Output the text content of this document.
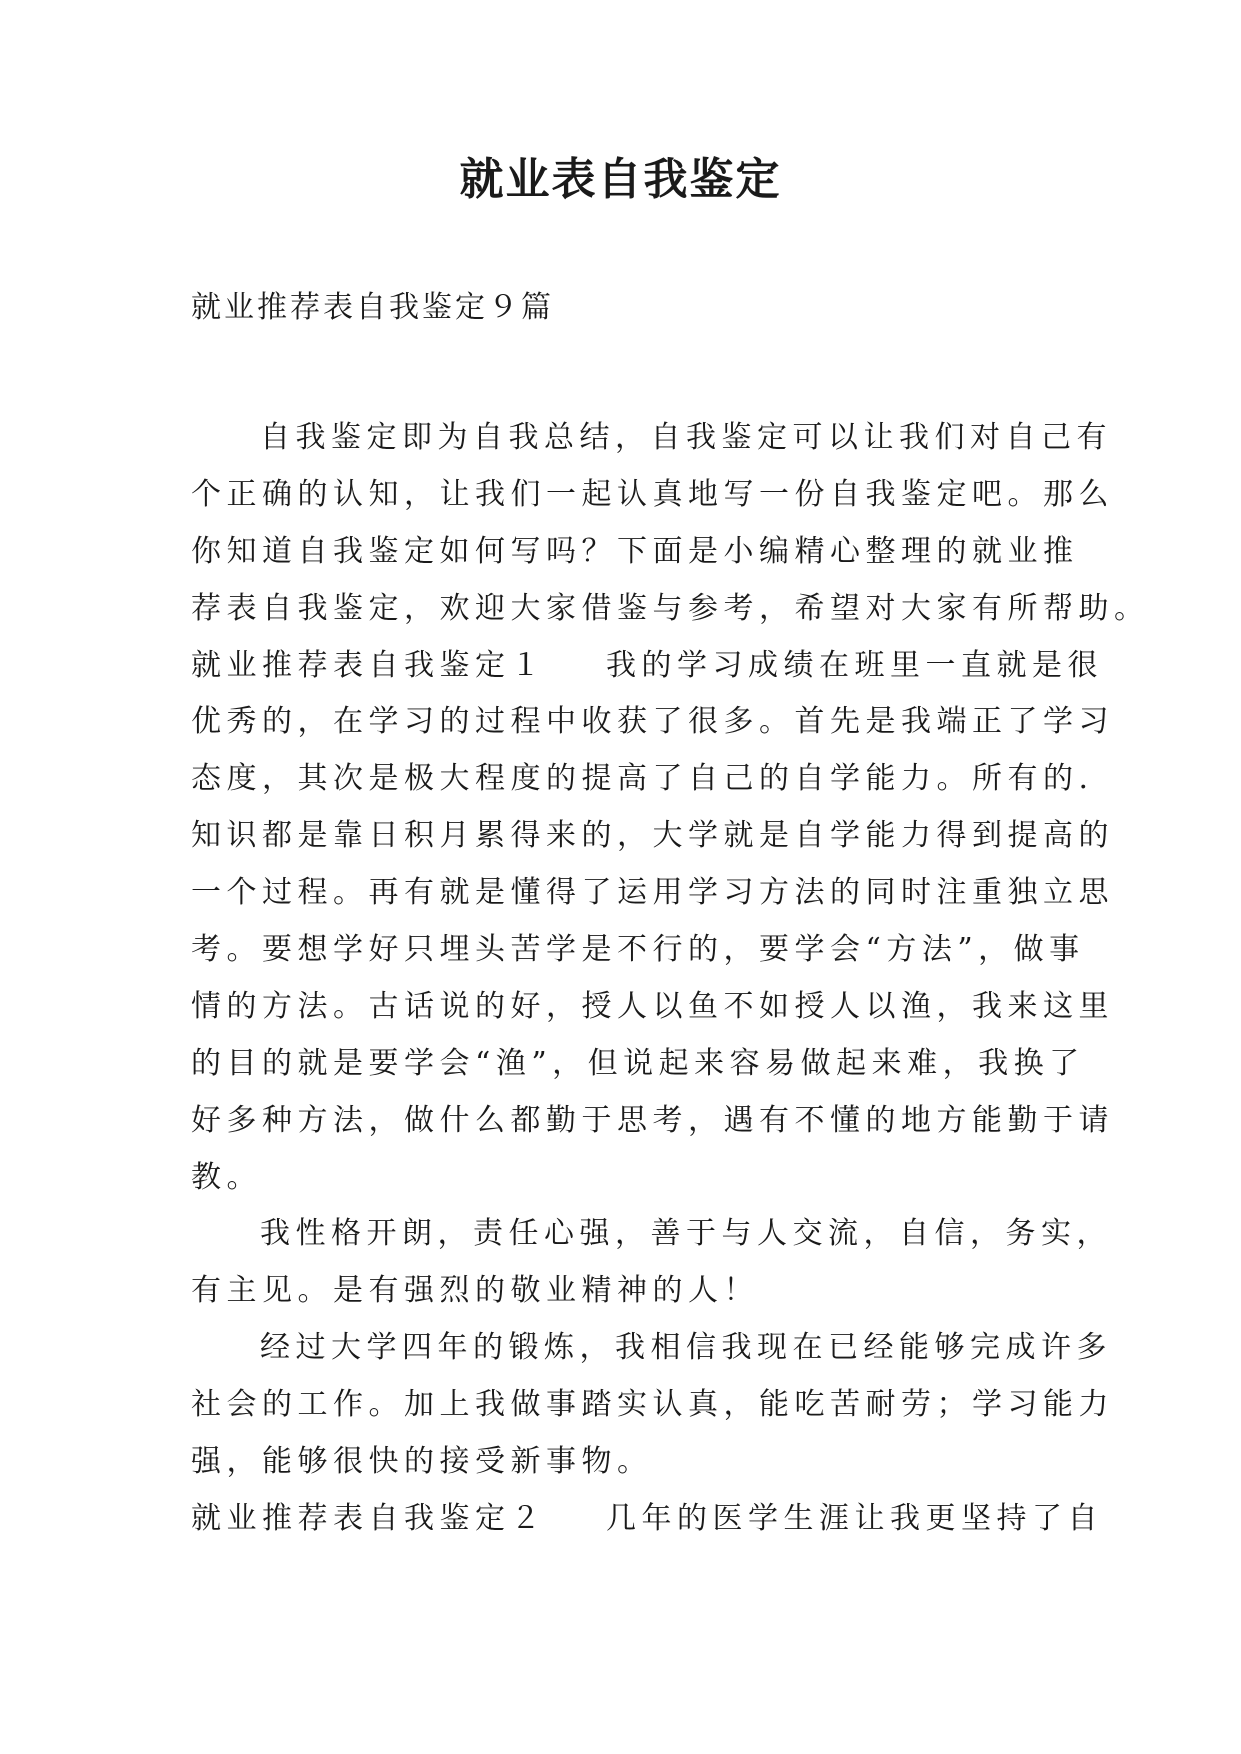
就业表自我鉴定
就业推荐表自我鉴定９篇
自我鉴定即为自我总结，自我鉴定可以让我们对自己有
个正确的认知，让我们一起认真地写一份自我鉴定吧。那么
你知道自我鉴定如何写吗？下面是小编精心整理的就业推
荐表自我鉴定，欢迎大家借鉴与参考，希望对大家有所帮助。
就业推荐表自我鉴定１ 我的学习成绩在班里一直就是很
优秀的，在学习的过程中收获了很多。首先是我端正了学习
态度，其次是极大程度的提高了自己的自学能力。所有的.
知识都是靠日积月累得来的，大学就是自学能力得到提高的
一个过程。再有就是懂得了运用学习方法的同时注重独立思
考。要想学好只埋头苦学是不行的，要学会“方法”，做事
情的方法。古话说的好，授人以鱼不如授人以渔，我来这里
的目的就是要学会“渔”，但说起来容易做起来难，我换了
好多种方法，做什么都勤于思考，遇有不懂的地方能勤于请
教。
我性格开朗，责任心强，善于与人交流，自信，务实，
有主见。是有强烈的敬业精神的人！
经过大学四年的锻炼，我相信我现在已经能够完成许多
社会的工作。加上我做事踏实认真，能吃苦耐劳；学习能力
强，能够很快的接受新事物。
就业推荐表自我鉴定２ 几年的医学生涯让我更坚持了自
